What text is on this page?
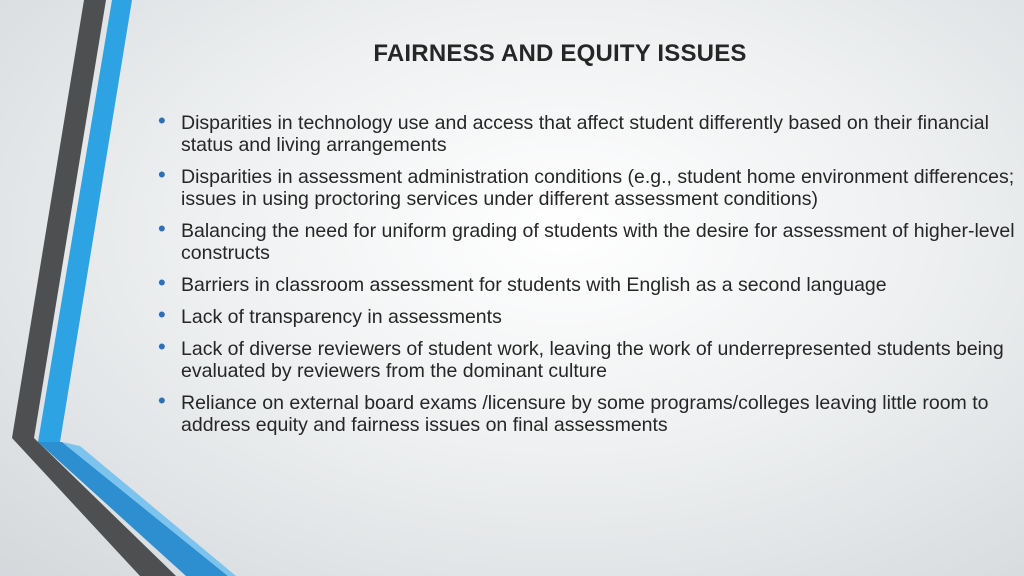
FAIRNESS AND EQUITY ISSUES
• Disparities in technology use and access that affect student differently based on their financial status and living arrangements
• Disparities in assessment administration conditions (e.g., student home environment differences; issues in using proctoring services under different assessment conditions)
• Balancing the need for uniform grading of students with the desire for assessment of higher-level constructs
• Barriers in classroom assessment for students with English as a second language
• Lack of transparency in assessments
• Lack of diverse reviewers of student work, leaving the work of underrepresented students being evaluated by reviewers from the dominant culture
• Reliance on external board exams /licensure by some programs/colleges leaving little room to address equity and fairness issues on final assessments
